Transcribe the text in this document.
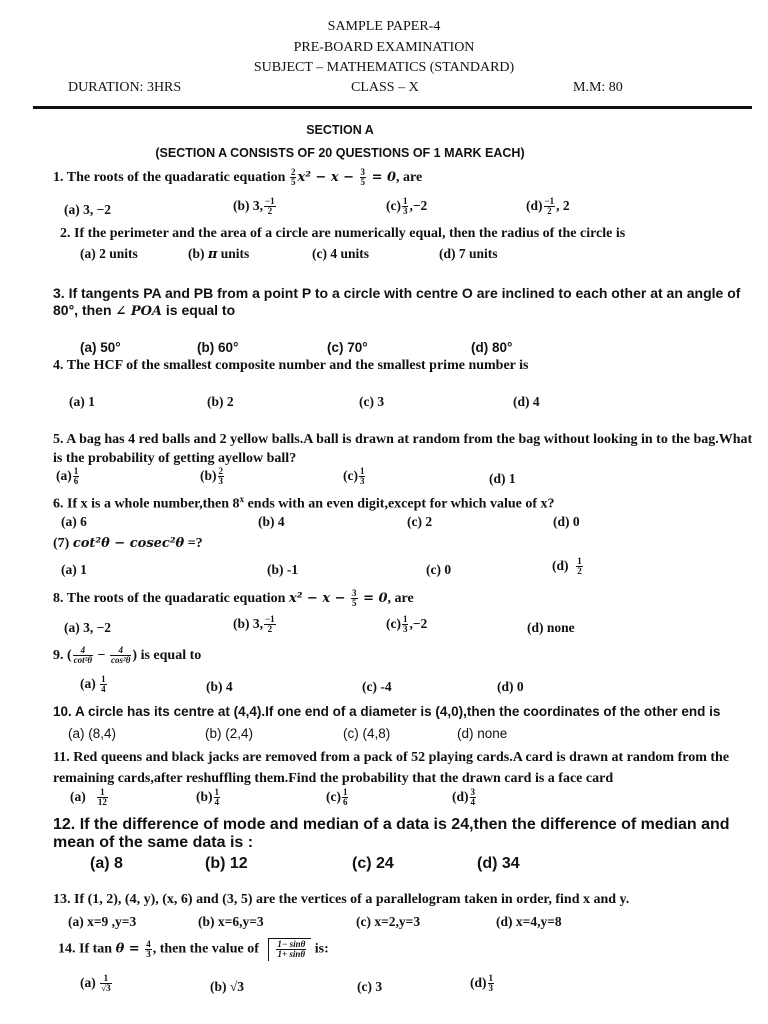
SAMPLE PAPER-4
PRE-BOARD EXAMINATION
SUBJECT – MATHEMATICS (STANDARD)
DURATION: 3HRS	CLASS – X	M.M: 80
SECTION A
(SECTION A CONSISTS OF 20 QUESTIONS OF 1 MARK EACH)
1. The roots of the quadaratic equation $\frac{2}{5} x^2 - x - \frac{3}{5} = 0$, are
(a) 3, −2	(b) 3, $\frac{-1}{2}$	$(c) \frac{1}{3} ,-2$	$(d) \frac{-1}{2}$ , 2
2. If the perimeter and the area of a circle are numerically equal, then the radius of the circle is
(a) 2 units	(b) π units	(c) 4 units	(d) 7 units
3. If tangents PA and PB from a point P to a circle with centre O are inclined to each other at an angle of 80°, then ∠ POA is equal to
(a) 50°	(b) 60°	(c) 70°	(d) 80°
4. The HCF of the smallest composite number and the smallest prime number is
(a) 1	(b) 2	(c) 3	(d) 4
5. A bag has 4 red balls and 2 yellow balls.A ball is drawn at random from the bag without looking in to the bag.What is the probability of getting ayellow ball?
$(a) \frac{1}{6}$	$(b) \frac{2}{3}$	$(c) \frac{1}{3}$	(d) 1
6. If x is a whole number,then 8$^x$ ends with an even digit,except for which value of x?
(a) 6	(b) 4	(c) 2	(d) 0
(7) cot²θ − cosec²θ =?
(a) 1	(b) -1	(c) 0	$(d) \frac{1}{2}$
8. The roots of the quadaratic equation $x^2 - x - \frac{3}{5} = 0$, are
(a) 3, −2	(b) 3, $\frac{-1}{2}$	$(c) \frac{1}{3} ,-2$	(d) none
9. ( $\frac{4}{\text{cot²θ}} - \frac{4}{\text{cos²θ}}$ ) is equal to
$(a) \frac{1}{4}$	(b) 4	(c) -4	(d) 0
10. A circle has its centre at (4,4).If one end of a diameter is (4,0),then the coordinates of the other end is
(a) (8,4)	(b) (2,4)	(c) (4,8)	(d) none
11. Red queens and black jacks are removed from a pack of 52 playing cards.A card is drawn at random from the remaining cards,after reshuffling them.Find the probability that the drawn card is a face card
$(a) \frac{1}{12}$	$(b) \frac{1}{4}$	$(c) \frac{1}{6}$	$(d) \frac{3}{4}$
12. If the difference of mode and median of a data is 24,then the difference of median and mean of the same data is :
(a) 8	(b) 12	(c) 24	(d) 34
13. If (1, 2), (4, y), (x, 6) and (3, 5) are the vertices of a parallelogram taken in order, find x and y.
(a) x=9 ,y=3	(b) x=6,y=3	(c) x=2,y=3	(d) x=4,y=8
14. If $\tan \theta = \frac{4}{3}$ , then the value of $\frac{1- \sin\theta}{1+ \sin\theta}$ is:
$(a) \frac{1}{√3}$	(b) √3	(c) 3	$(d) \frac{1}{3}$
